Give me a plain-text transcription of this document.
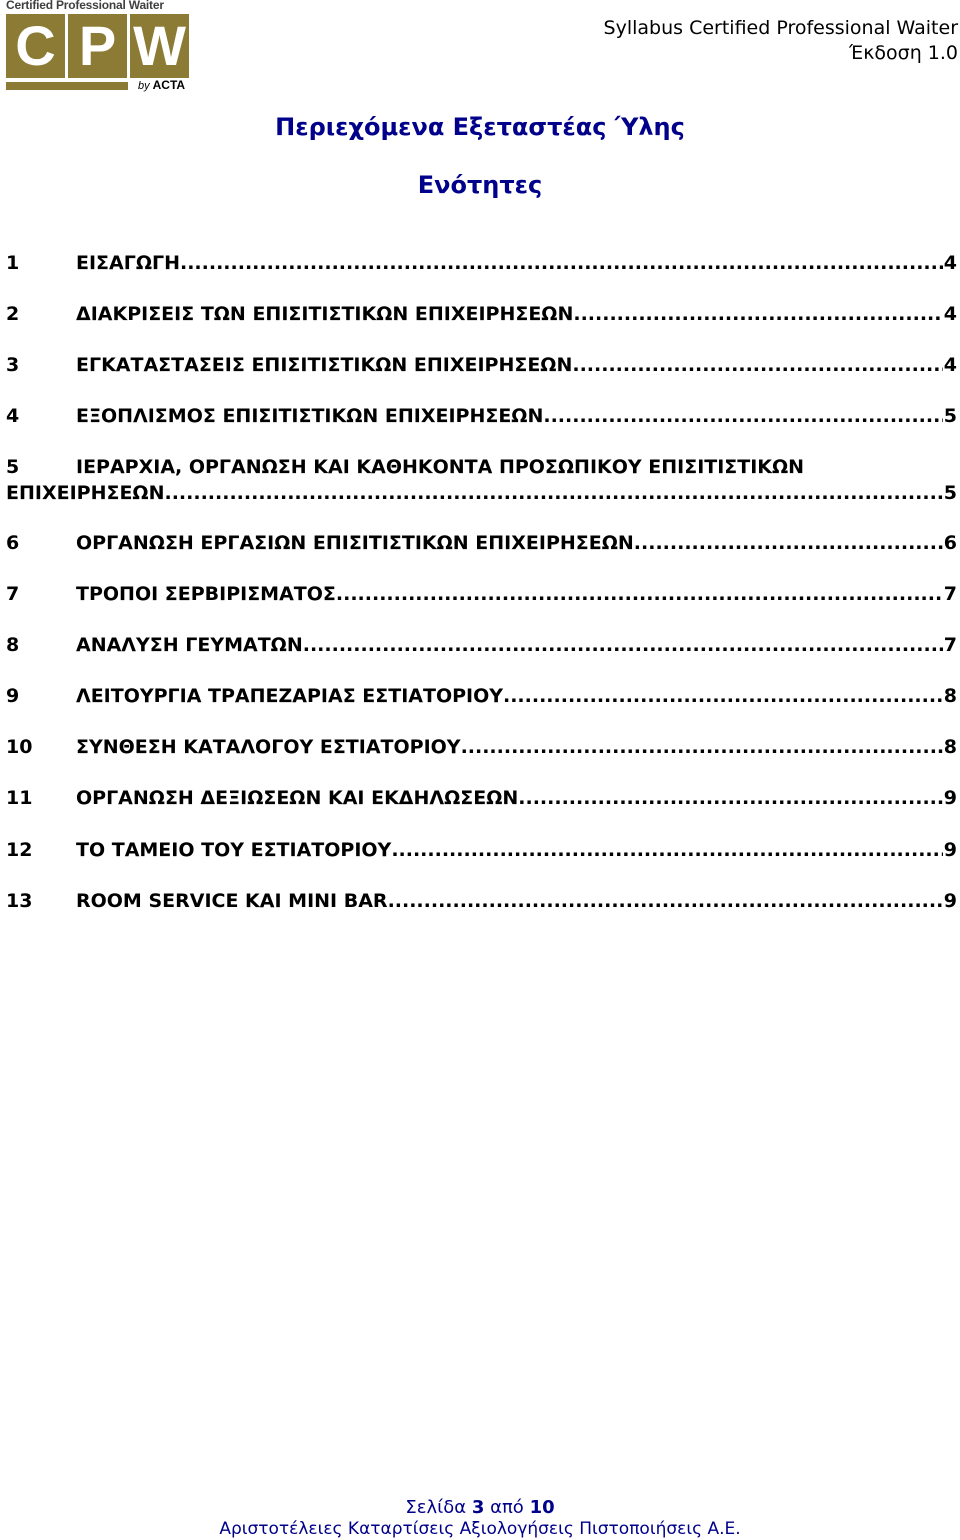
Certified Professional Waiter
C P W
by ACTA
Syllabus Certified Professional Waiter
Έκδοση 1.0
Περιεχόμενα Εξεταστέας Ύλης
Ενότητες
1	ΕΙΣΑΓΩΓΗ .....	4
2	ΔΙΑΚΡΙΣΕΙΣ ΤΩΝ ΕΠΙΣΙΤΙΣΤΙΚΩΝ ΕΠΙΧΕΙΡΗΣΕΩΝ .....	4
3	ΕΓΚΑΤΑΣΤΑΣΕΙΣ ΕΠΙΣΙΤΙΣΤΙΚΩΝ ΕΠΙΧΕΙΡΗΣΕΩΝ .....	4
4	ΕΞΟΠΛΙΣΜΟΣ ΕΠΙΣΙΤΙΣΤΙΚΩΝ ΕΠΙΧΕΙΡΗΣΕΩΝ .....	5
5	ΙΕΡΑΡΧΙΑ, ΟΡΓΑΝΩΣΗ ΚΑΙ ΚΑΘΗΚΟΝΤΑ ΠΡΟΣΩΠΙΚΟΥ ΕΠΙΣΙΤΙΣΤΙΚΩΝ
ΕΠΙΧΕΙΡΗΣΕΩΝ .....	5
6	ΟΡΓΑΝΩΣΗ ΕΡΓΑΣΙΩΝ ΕΠΙΣΙΤΙΣΤΙΚΩΝ ΕΠΙΧΕΙΡΗΣΕΩΝ .....	6
7	ΤΡΟΠΟΙ ΣΕΡΒΙΡΙΣΜΑΤΟΣ .....	7
8	ΑΝΑΛΥΣΗ ΓΕΥΜΑΤΩΝ .....	7
9	ΛΕΙΤΟΥΡΓΙΑ ΤΡΑΠΕΖΑΡΙΑΣ ΕΣΤΙΑΤΟΡΙΟΥ .....	8
10	ΣΥΝΘΕΣΗ ΚΑΤΑΛΟΓΟΥ ΕΣΤΙΑΤΟΡΙΟΥ .....	8
11	ΟΡΓΑΝΩΣΗ ΔΕΞΙΩΣΕΩΝ ΚΑΙ ΕΚΔΗΛΩΣΕΩΝ .....	9
12	ΤΟ ΤΑΜΕΙΟ ΤΟΥ ΕΣΤΙΑΤΟΡΙΟΥ .....	9
13	ROOM SERVICE ΚΑΙ MINI BAR .....	9
Σελίδα 3 από 10
Αριστοτέλειες Καταρτίσεις Αξιολογήσεις Πιστοποιήσεις Α.Ε.
